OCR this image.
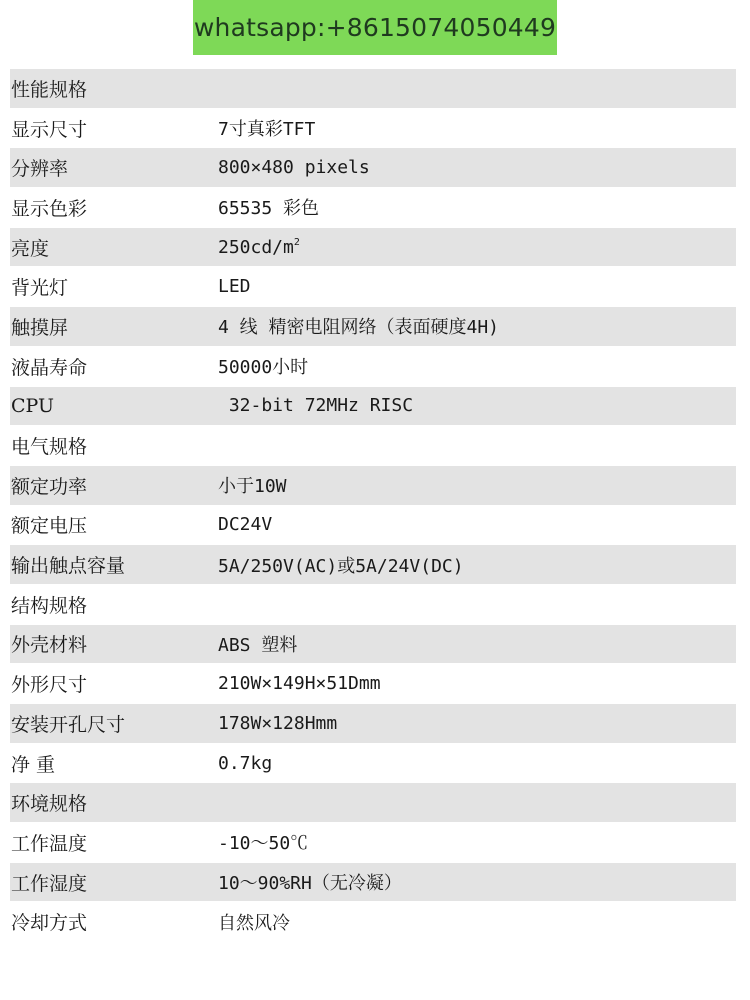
whatsapp:+8615074050449
性能规格
显示尺寸	7寸真彩TFT
分辨率	800×480 pixels
显示色彩	65535 彩色
亮度	$250cd/m^2$
背光灯	LED
触摸屏	4 线 精密电阻网络（表面硬度4H)
液晶寿命	50000小时
CPU	32-bit 72MHz RISC
电气规格
额定功率	小于10W
额定电压	DC24V
输出触点容量	5A/250V(AC)或5A/24V(DC)
结构规格
外壳材料	ABS 塑料
外形尺寸	210W×149H×51Dmm
安装开孔尺寸	178W×128Hmm
净 重	0.7kg
环境规格
工作温度	-10～50℃
工作湿度	10～90%RH（无冷凝）
冷却方式	自然风冷
